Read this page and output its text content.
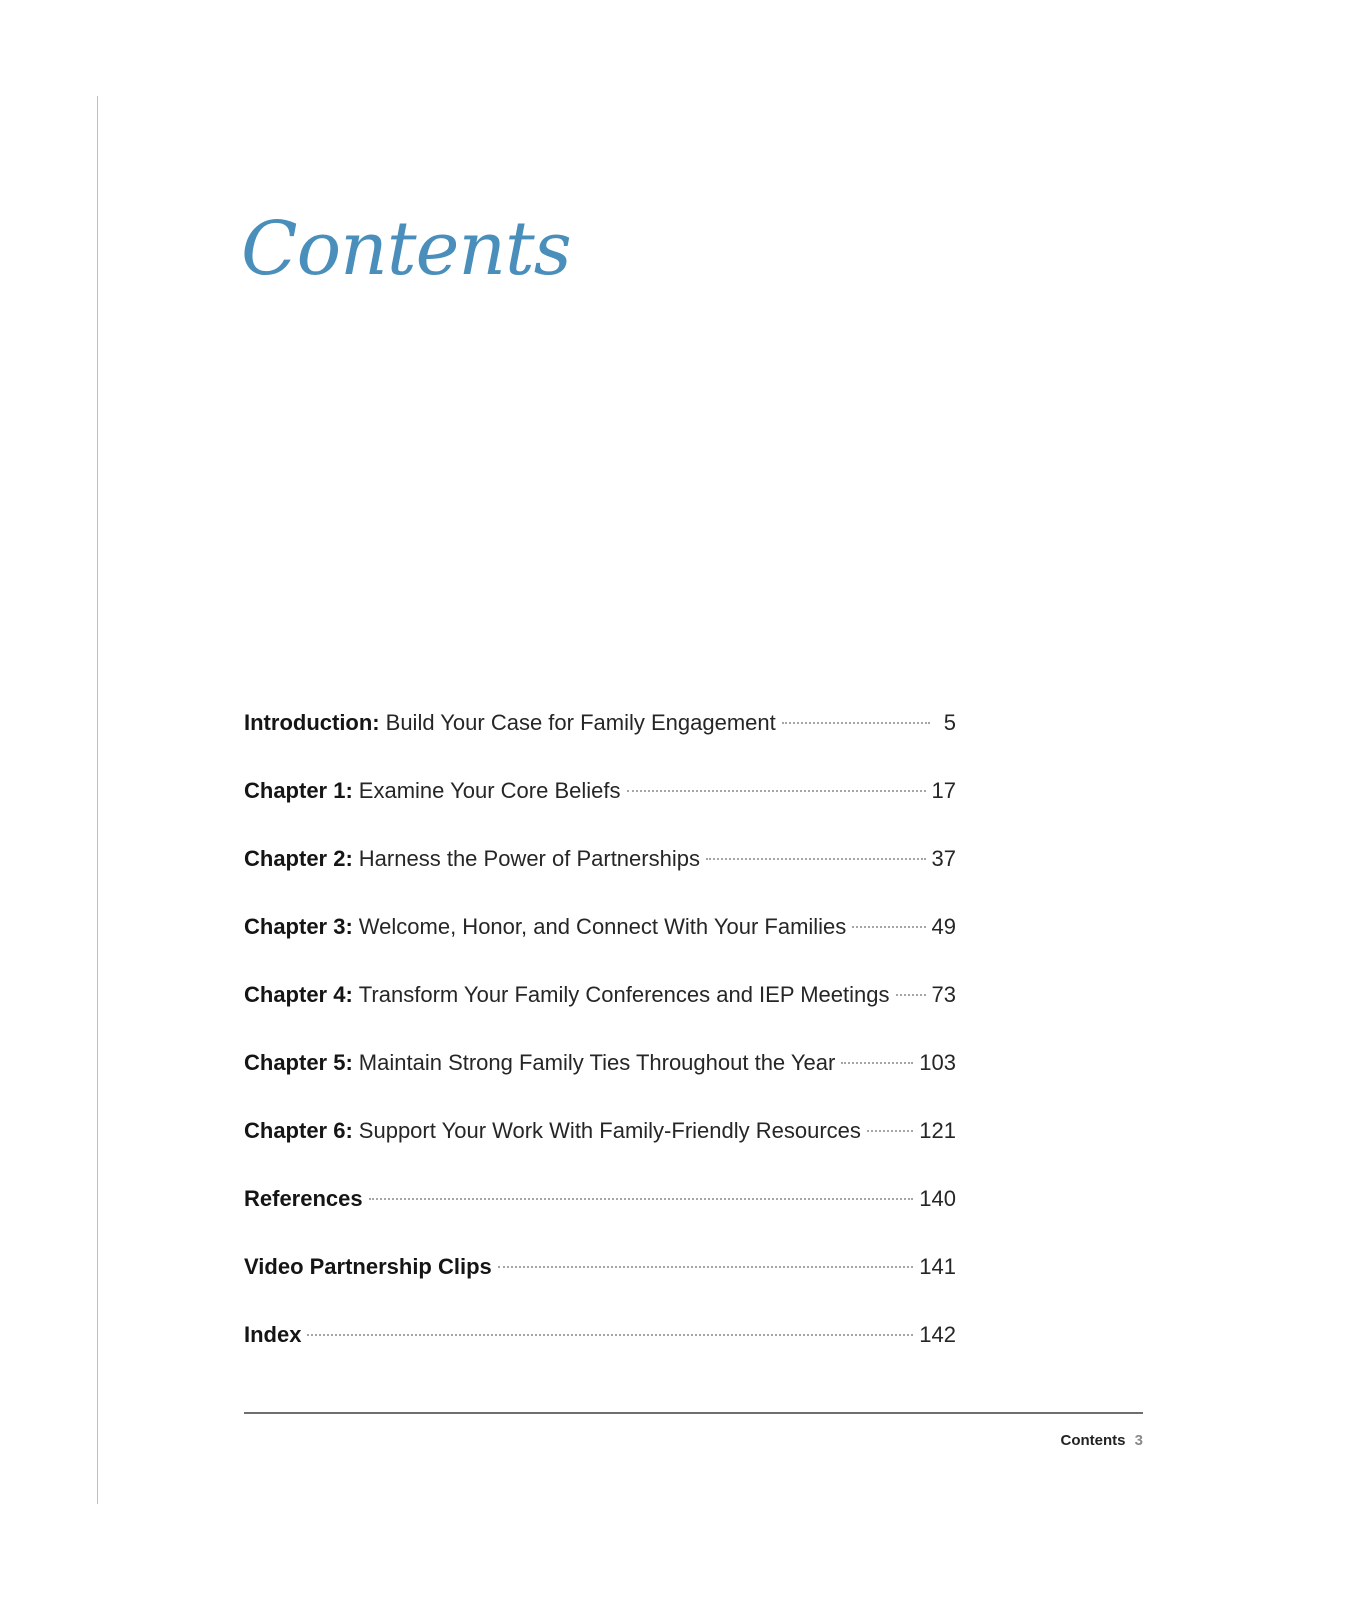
Contents
Introduction: Build Your Case for Family Engagement	5
Chapter 1: Examine Your Core Beliefs	17
Chapter 2: Harness the Power of Partnerships	37
Chapter 3: Welcome, Honor, and Connect With Your Families	49
Chapter 4: Transform Your Family Conferences and IEP Meetings 73
Chapter 5: Maintain Strong Family Ties Throughout the Year	103
Chapter 6: Support Your Work With Family-Friendly Resources	121
References	140
Video Partnership Clips	141
Index	142
Contents 3
